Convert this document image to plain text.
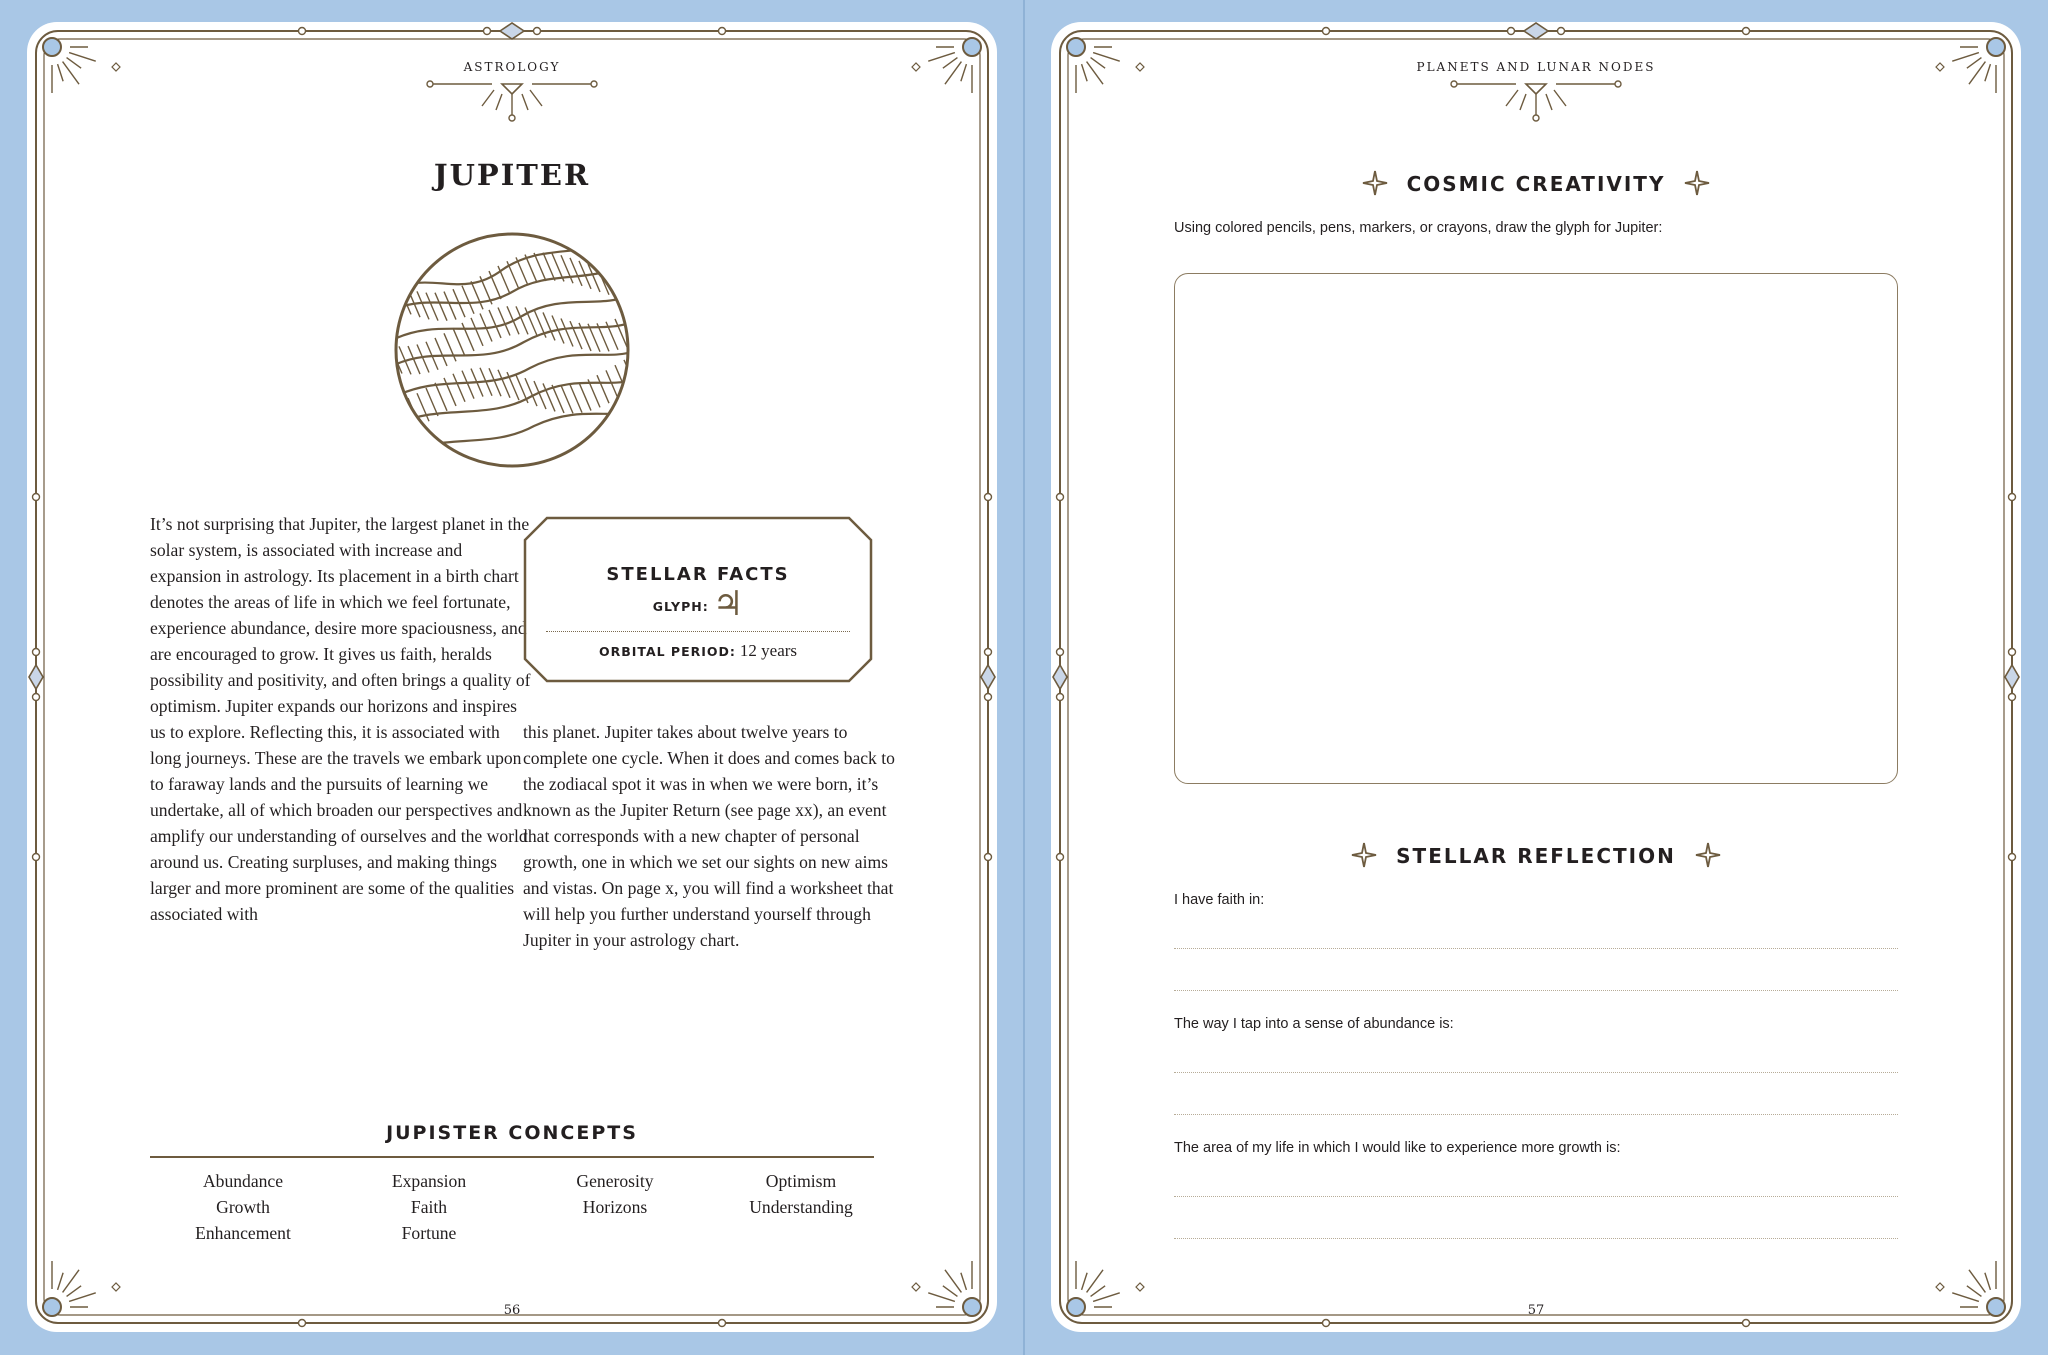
ASTROLOGY
JUPITER
It’s not surprising that Jupiter, the largest planet in the solar system, is associated with increase and expansion in astrology. Its placement in a birth chart denotes the areas of life in which we feel fortunate, experience abundance, desire more spaciousness, and are encouraged to grow. It gives us faith, heralds possibility and positivity, and often brings a quality of optimism. Jupiter expands our horizons and inspires us to explore. Reflecting this, it is associated with long journeys. These are the travels we embark upon to faraway lands and the pursuits of learning we undertake, all of which broaden our perspectives and amplify our understanding of ourselves and the world around us. Creating surpluses, and making things larger and more prominent are some of the qualities associated with
STELLAR FACTS
GLYPH: ♃
ORBITAL PERIOD: 12 years
this planet. Jupiter takes about twelve years to complete one cycle. When it does and comes back to the zodiacal spot it was in when we were born, it’s known as the Jupiter Return (see page xx), an event that corresponds with a new chapter of personal growth, one in which we set our sights on new aims and vistas. On page x, you will find a worksheet that will help you further understand yourself through Jupiter in your astrology chart.
JUPISTER CONCEPTS
Abundance
Growth
Enhancement
Expansion
Faith
Fortune
Generosity
Horizons
Optimism
Understanding
56
PLANETS AND LUNAR NODES
COSMIC CREATIVITY
Using colored pencils, pens, markers, or crayons, draw the glyph for Jupiter:
STELLAR REFLECTION
I have faith in:
The way I tap into a sense of abundance is:
The area of my life in which I would like to experience more growth is:
57
